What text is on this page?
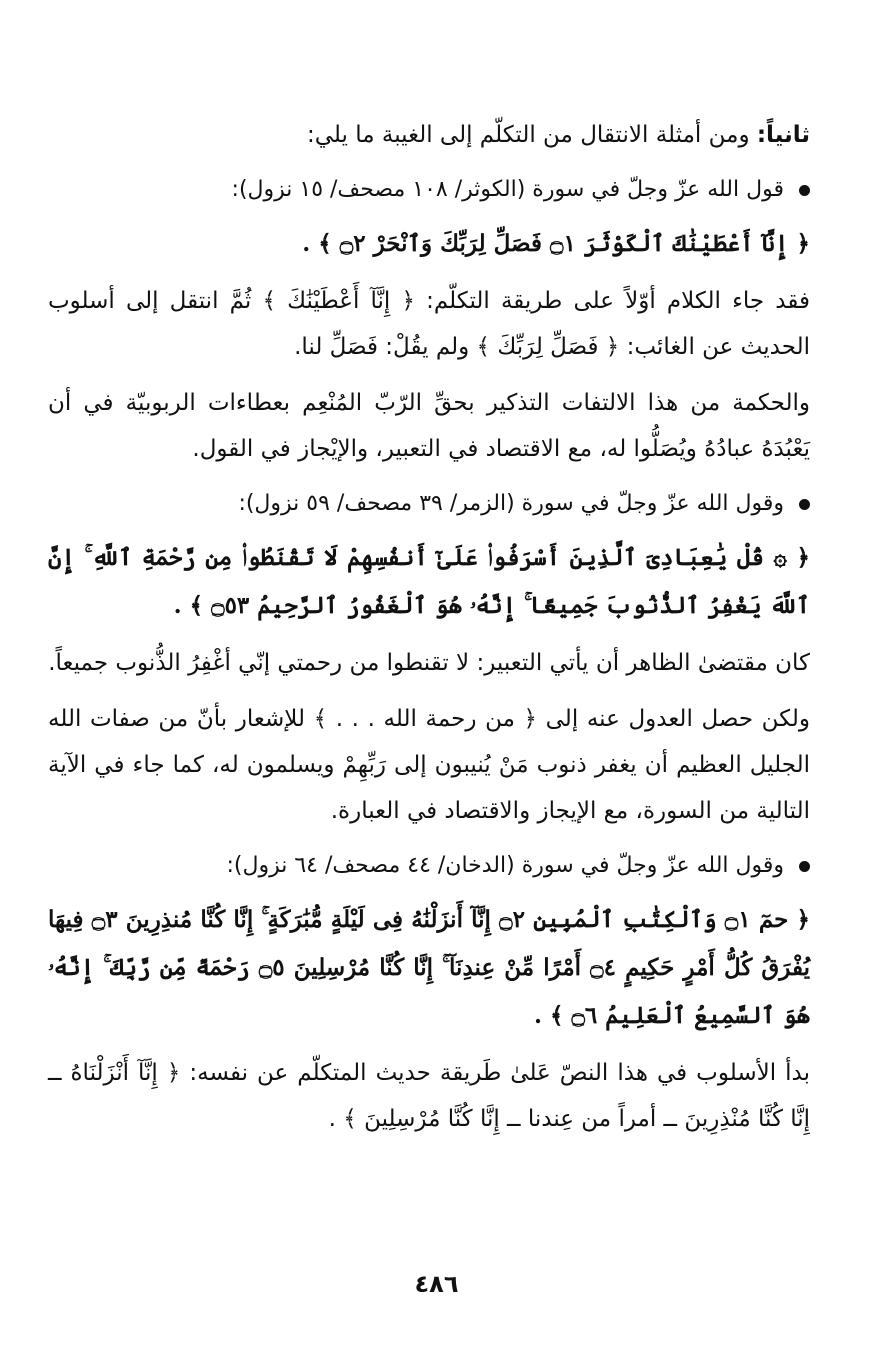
ثانياً: ومن أمثلة الانتقال من التكلّم إلى الغيبة ما يلي:

قول الله عزّ وجلّ في سورة (الكوثر/ ١٠٨ مصحف/ ١٥ نزول):

﴿ إِنَّآ أَعْطَيْنَٰكَ ٱلْكَوْثَرَ ۝١ فَصَلِّ لِرَبِّكَ وَٱنْحَرْ ۝٢ ﴾ .

فقد جاء الكلام أوّلاً على طريقة التكلّم: ﴿ إِنَّآ أَعْطَيْنَٰكَ ﴾ ثُمَّ انتقل إلى أسلوب الحديث عن الغائب: ﴿ فَصَلِّ لِرَبِّكَ ﴾ ولم يقُلْ: فَصَلِّ لنا.

والحكمة من هذا الالتفات التذكير بحقِّ الرّبّ المُنْعِم بعطاءات الربوبيّة في أن يَعْبُدَهُ عبادُهُ ويُصَلُّوا له، مع الاقتصاد في التعبير، والإيْجاز في القول.

وقول الله عزّ وجلّ في سورة (الزمر/ ٣٩ مصحف/ ٥٩ نزول):

﴿ ۞ قُلْ يَٰعِبَادِىَ ٱلَّذِينَ أَسْرَفُوا۟ عَلَىٰٓ أَنفُسِهِمْ لَا تَقْنَطُوا۟ مِن رَّحْمَةِ ٱللَّهِ ۚ إِنَّ ٱللَّهَ يَغْفِرُ ٱلذُّنُوبَ جَمِيعًا ۚ إِنَّهُۥ هُوَ ٱلْغَفُورُ ٱلرَّحِيمُ ۝٥٣ ﴾ .

كان مقتضىٰ الظاهر أن يأتي التعبير: لا تقنطوا من رحمتي إنّي أغْفِرُ الذُّنوب جميعاً.

ولكن حصل العدول عنه إلى ﴿ من رحمة الله . . . ﴾ للإشعار بأنّ من صفات الله الجليل العظيم أن يغفر ذنوب مَنْ يُنيبون إلى رَبِّهِمْ ويسلمون له، كما جاء في الآية التالية من السورة، مع الإيجاز والاقتصاد في العبارة.

وقول الله عزّ وجلّ في سورة (الدخان/ ٤٤ مصحف/ ٦٤ نزول):

﴿ حمٓ ۝١ وَٱلْكِتَٰبِ ٱلْمُبِينِ ۝٢ إِنَّآ أَنزَلْنَٰهُ فِى لَيْلَةٍ مُّبَٰرَكَةٍ ۚ إِنَّا كُنَّا مُنذِرِينَ ۝٣ فِيهَا يُفْرَقُ كُلُّ أَمْرٍ حَكِيمٍ ۝٤ أَمْرًا مِّنْ عِندِنَآ ۚ إِنَّا كُنَّا مُرْسِلِينَ ۝٥ رَحْمَةً مِّن رَّبِّكَ ۚ إِنَّهُۥ هُوَ ٱلسَّمِيعُ ٱلْعَلِيمُ ۝٦ ﴾ .

بدأ الأسلوب في هذا النصّ عَلىٰ طَريقة حديث المتكلّم عن نفسه: ﴿ إِنَّآ أَنْزَلْنَاهُ ــ إِنَّا كُنَّا مُنْذِرِينَ ــ أمراً من عِندنا ــ إِنَّا كُنَّا مُرْسِلِينَ ﴾ .

٤٨٦
